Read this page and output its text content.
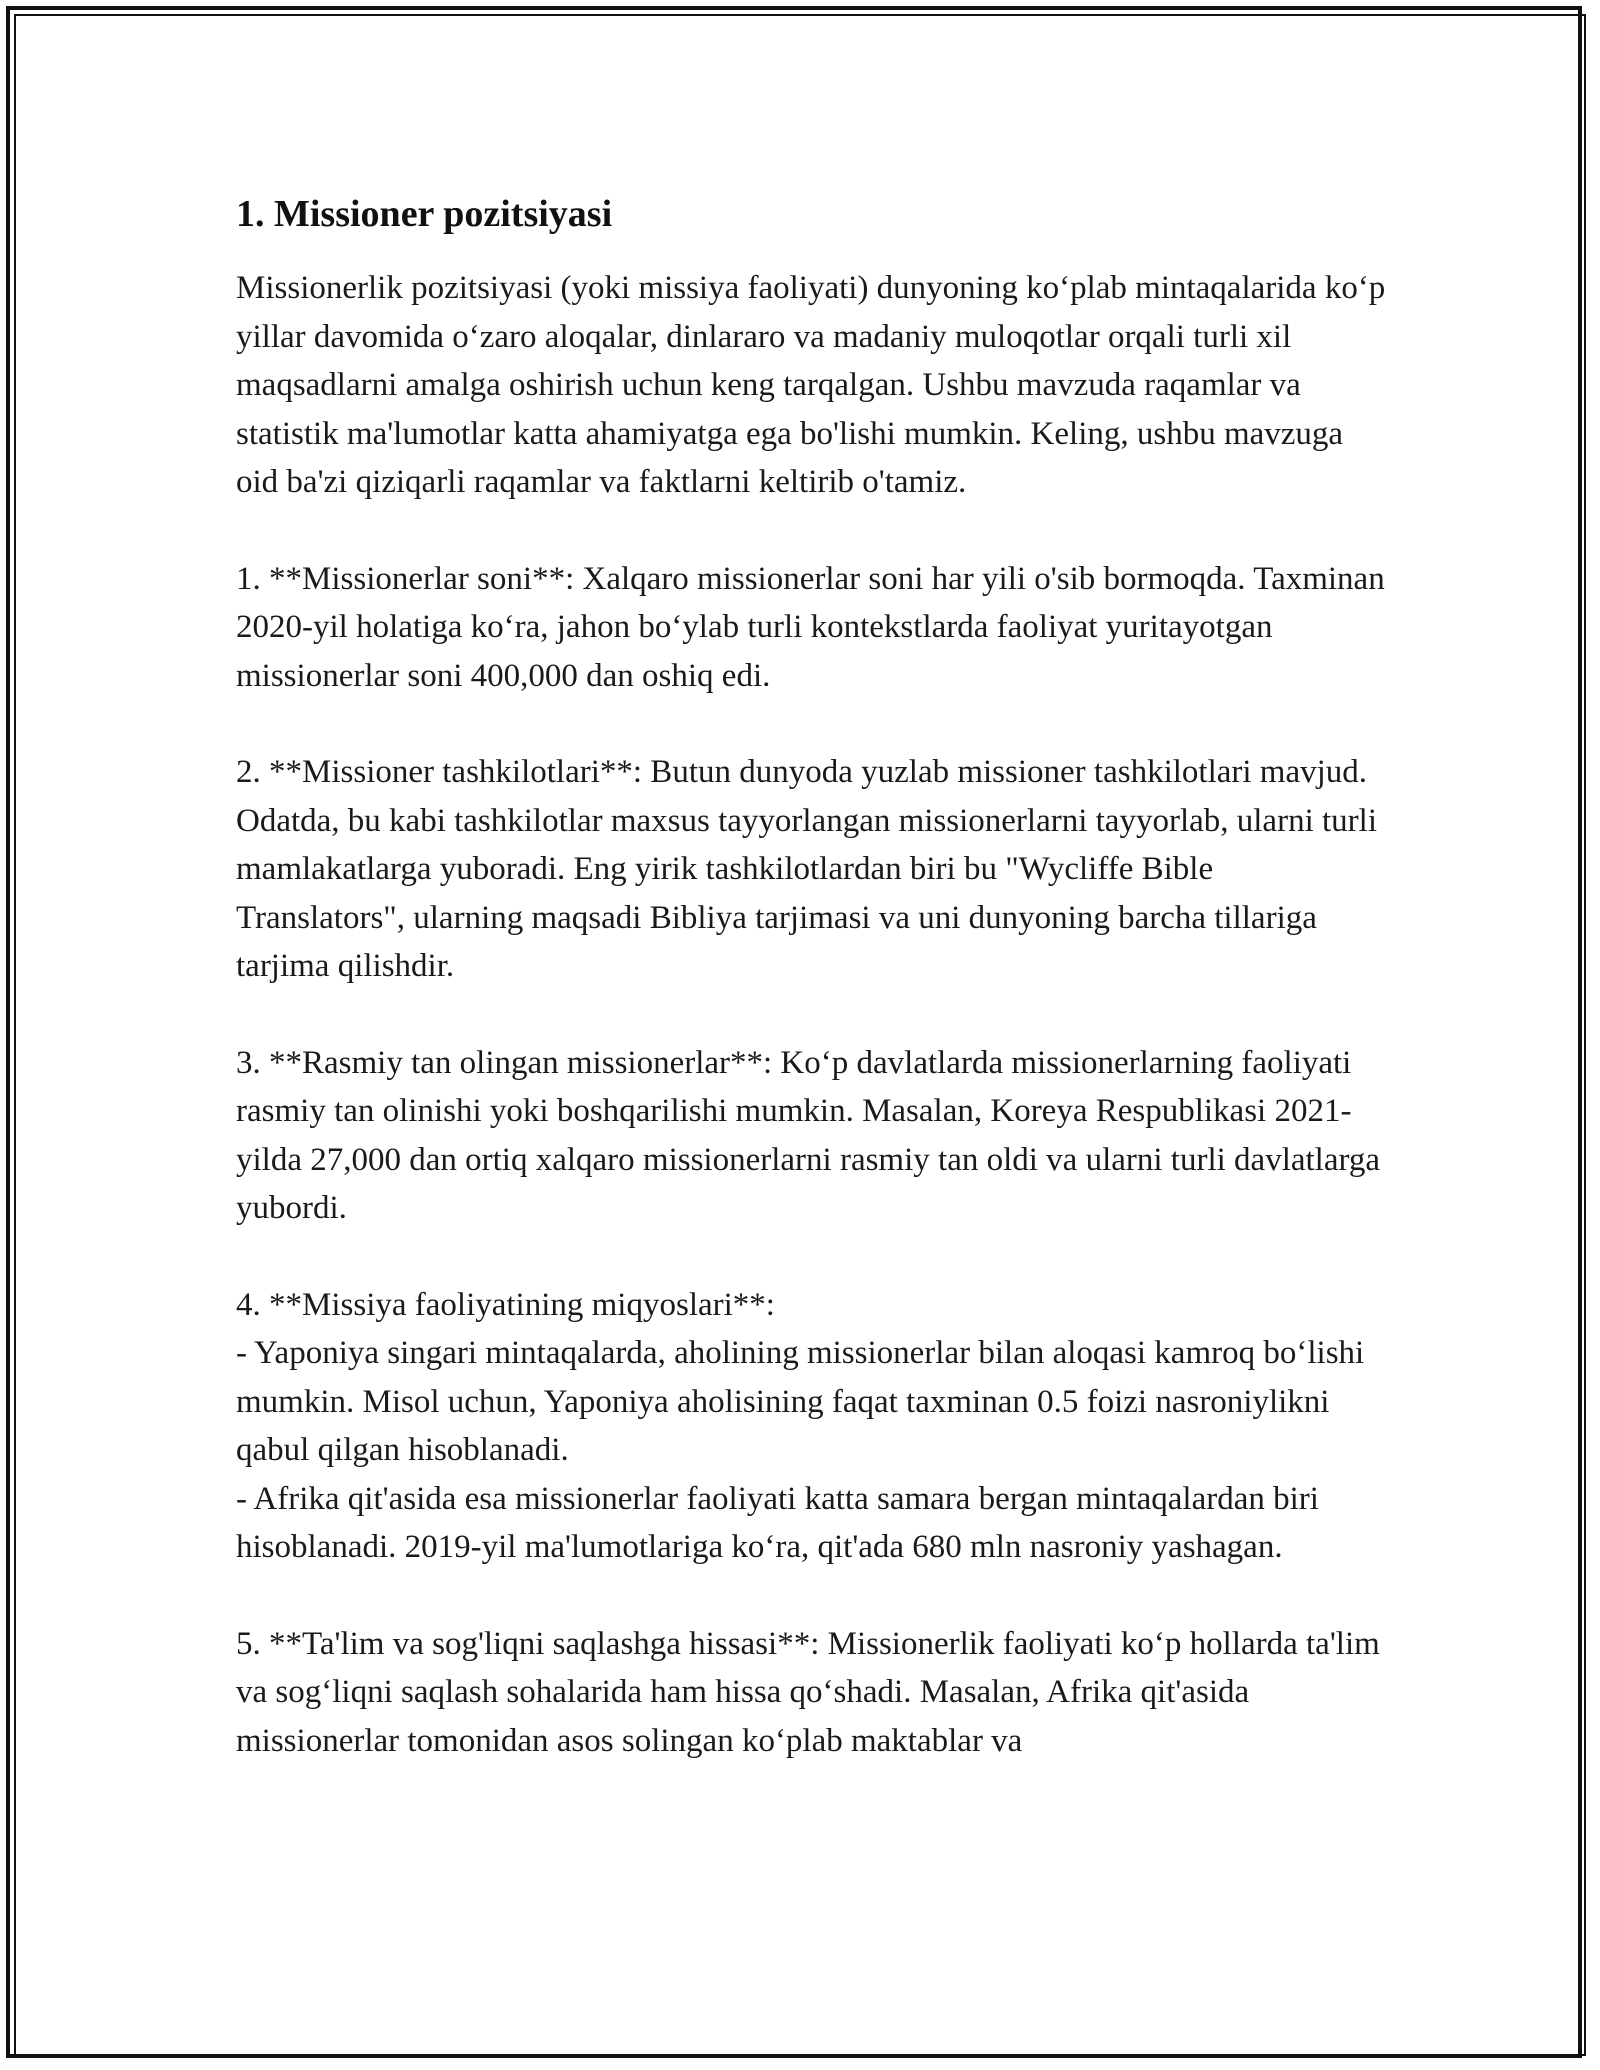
1. Missioner pozitsiyasi

Missionerlik pozitsiyasi (yoki missiya faoliyati) dunyoning ko‘plab mintaqalarida ko‘p yillar davomida o‘zaro aloqalar, dinlararo va madaniy muloqotlar orqali turli xil maqsadlarni amalga oshirish uchun keng tarqalgan. Ushbu mavzuda raqamlar va statistik ma'lumotlar katta ahamiyatga ega bo'lishi mumkin. Keling, ushbu mavzuga oid ba'zi qiziqarli raqamlar va faktlarni keltirib o'tamiz.

1. **Missionerlar soni**: Xalqaro missionerlar soni har yili o'sib bormoqda. Taxminan 2020-yil holatiga ko‘ra, jahon bo‘ylab turli kontekstlarda faoliyat yuritayotgan missionerlar soni 400,000 dan oshiq edi.

2. **Missioner tashkilotlari**: Butun dunyoda yuzlab missioner tashkilotlari mavjud. Odatda, bu kabi tashkilotlar maxsus tayyorlangan missionerlarni tayyorlab, ularni turli mamlakatlarga yuboradi. Eng yirik tashkilotlardan biri bu "Wycliffe Bible Translators", ularning maqsadi Bibliya tarjimasi va uni dunyoning barcha tillariga tarjima qilishdir.

3. **Rasmiy tan olingan missionerlar**: Ko‘p davlatlarda missionerlarning faoliyati rasmiy tan olinishi yoki boshqarilishi mumkin. Masalan, Koreya Respublikasi 2021-yilda 27,000 dan ortiq xalqaro missionerlarni rasmiy tan oldi va ularni turli davlatlarga yubordi.

4. **Missiya faoliyatining miqyoslari**:
- Yaponiya singari mintaqalarda, aholining missionerlar bilan aloqasi kamroq bo‘lishi mumkin. Misol uchun, Yaponiya aholisining faqat taxminan 0.5 foizi nasroniylikni qabul qilgan hisoblanadi.
- Afrika qit'asida esa missionerlar faoliyati katta samara bergan mintaqalardan biri hisoblanadi. 2019-yil ma'lumotlariga ko‘ra, qit'ada 680 mln nasroniy yashagan.

5. **Ta'lim va sog'liqni saqlashga hissasi**: Missionerlik faoliyati ko‘p hollarda ta'lim va sog‘liqni saqlash sohalarida ham hissa qo‘shadi. Masalan, Afrika qit'asida missionerlar tomonidan asos solingan ko‘plab maktablar va
